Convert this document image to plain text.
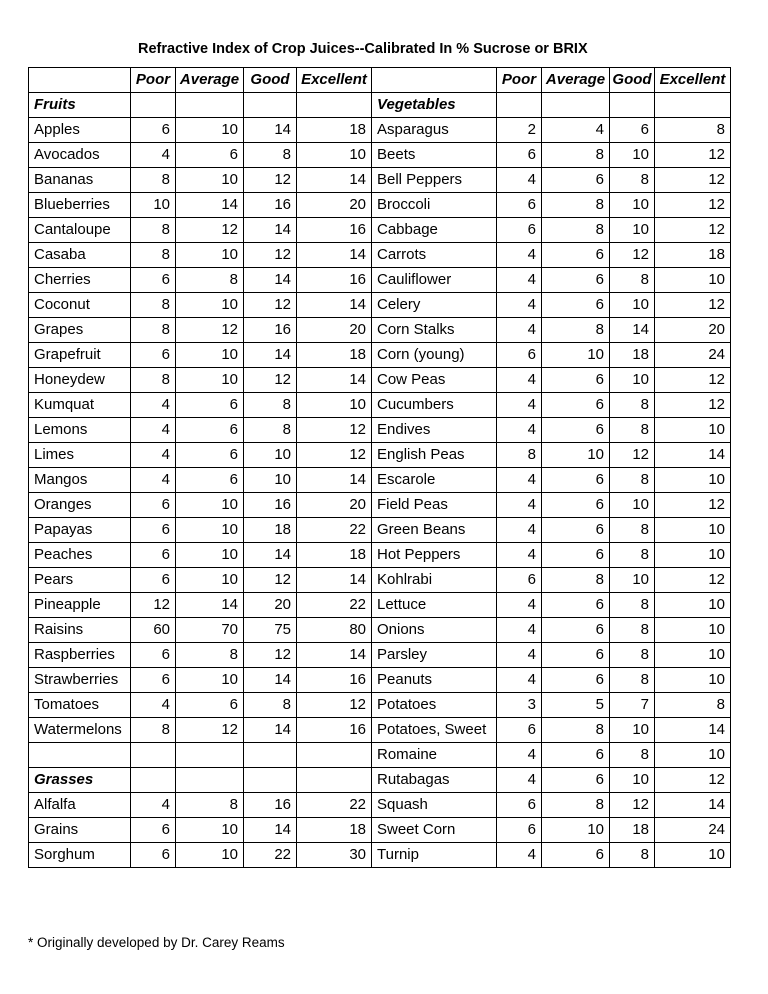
Refractive Index of Crop Juices--Calibrated In % Sucrose or BRIX
	Poor	Average	Good	Excellent		Poor	Average	Good	Excellent
Fruits					Vegetables				
Apples	6	10	14	18	Asparagus	2	4	6	8
Avocados	4	6	8	10	Beets	6	8	10	12
Bananas	8	10	12	14	Bell Peppers	4	6	8	12
Blueberries	10	14	16	20	Broccoli	6	8	10	12
Cantaloupe	8	12	14	16	Cabbage	6	8	10	12
Casaba	8	10	12	14	Carrots	4	6	12	18
Cherries	6	8	14	16	Cauliflower	4	6	8	10
Coconut	8	10	12	14	Celery	4	6	10	12
Grapes	8	12	16	20	Corn Stalks	4	8	14	20
Grapefruit	6	10	14	18	Corn (young)	6	10	18	24
Honeydew	8	10	12	14	Cow Peas	4	6	10	12
Kumquat	4	6	8	10	Cucumbers	4	6	8	12
Lemons	4	6	8	12	Endives	4	6	8	10
Limes	4	6	10	12	English Peas	8	10	12	14
Mangos	4	6	10	14	Escarole	4	6	8	10
Oranges	6	10	16	20	Field Peas	4	6	10	12
Papayas	6	10	18	22	Green Beans	4	6	8	10
Peaches	6	10	14	18	Hot Peppers	4	6	8	10
Pears	6	10	12	14	Kohlrabi	6	8	10	12
Pineapple	12	14	20	22	Lettuce	4	6	8	10
Raisins	60	70	75	80	Onions	4	6	8	10
Raspberries	6	8	12	14	Parsley	4	6	8	10
Strawberries	6	10	14	16	Peanuts	4	6	8	10
Tomatoes	4	6	8	12	Potatoes	3	5	7	8
Watermelons	8	12	14	16	Potatoes, Sweet	6	8	10	14
					Romaine	4	6	8	10
Grasses					Rutabagas	4	6	10	12
Alfalfa	4	8	16	22	Squash	6	8	12	14
Grains	6	10	14	18	Sweet Corn	6	10	18	24
Sorghum	6	10	22	30	Turnip	4	6	8	10
* Originally developed by Dr. Carey Reams
